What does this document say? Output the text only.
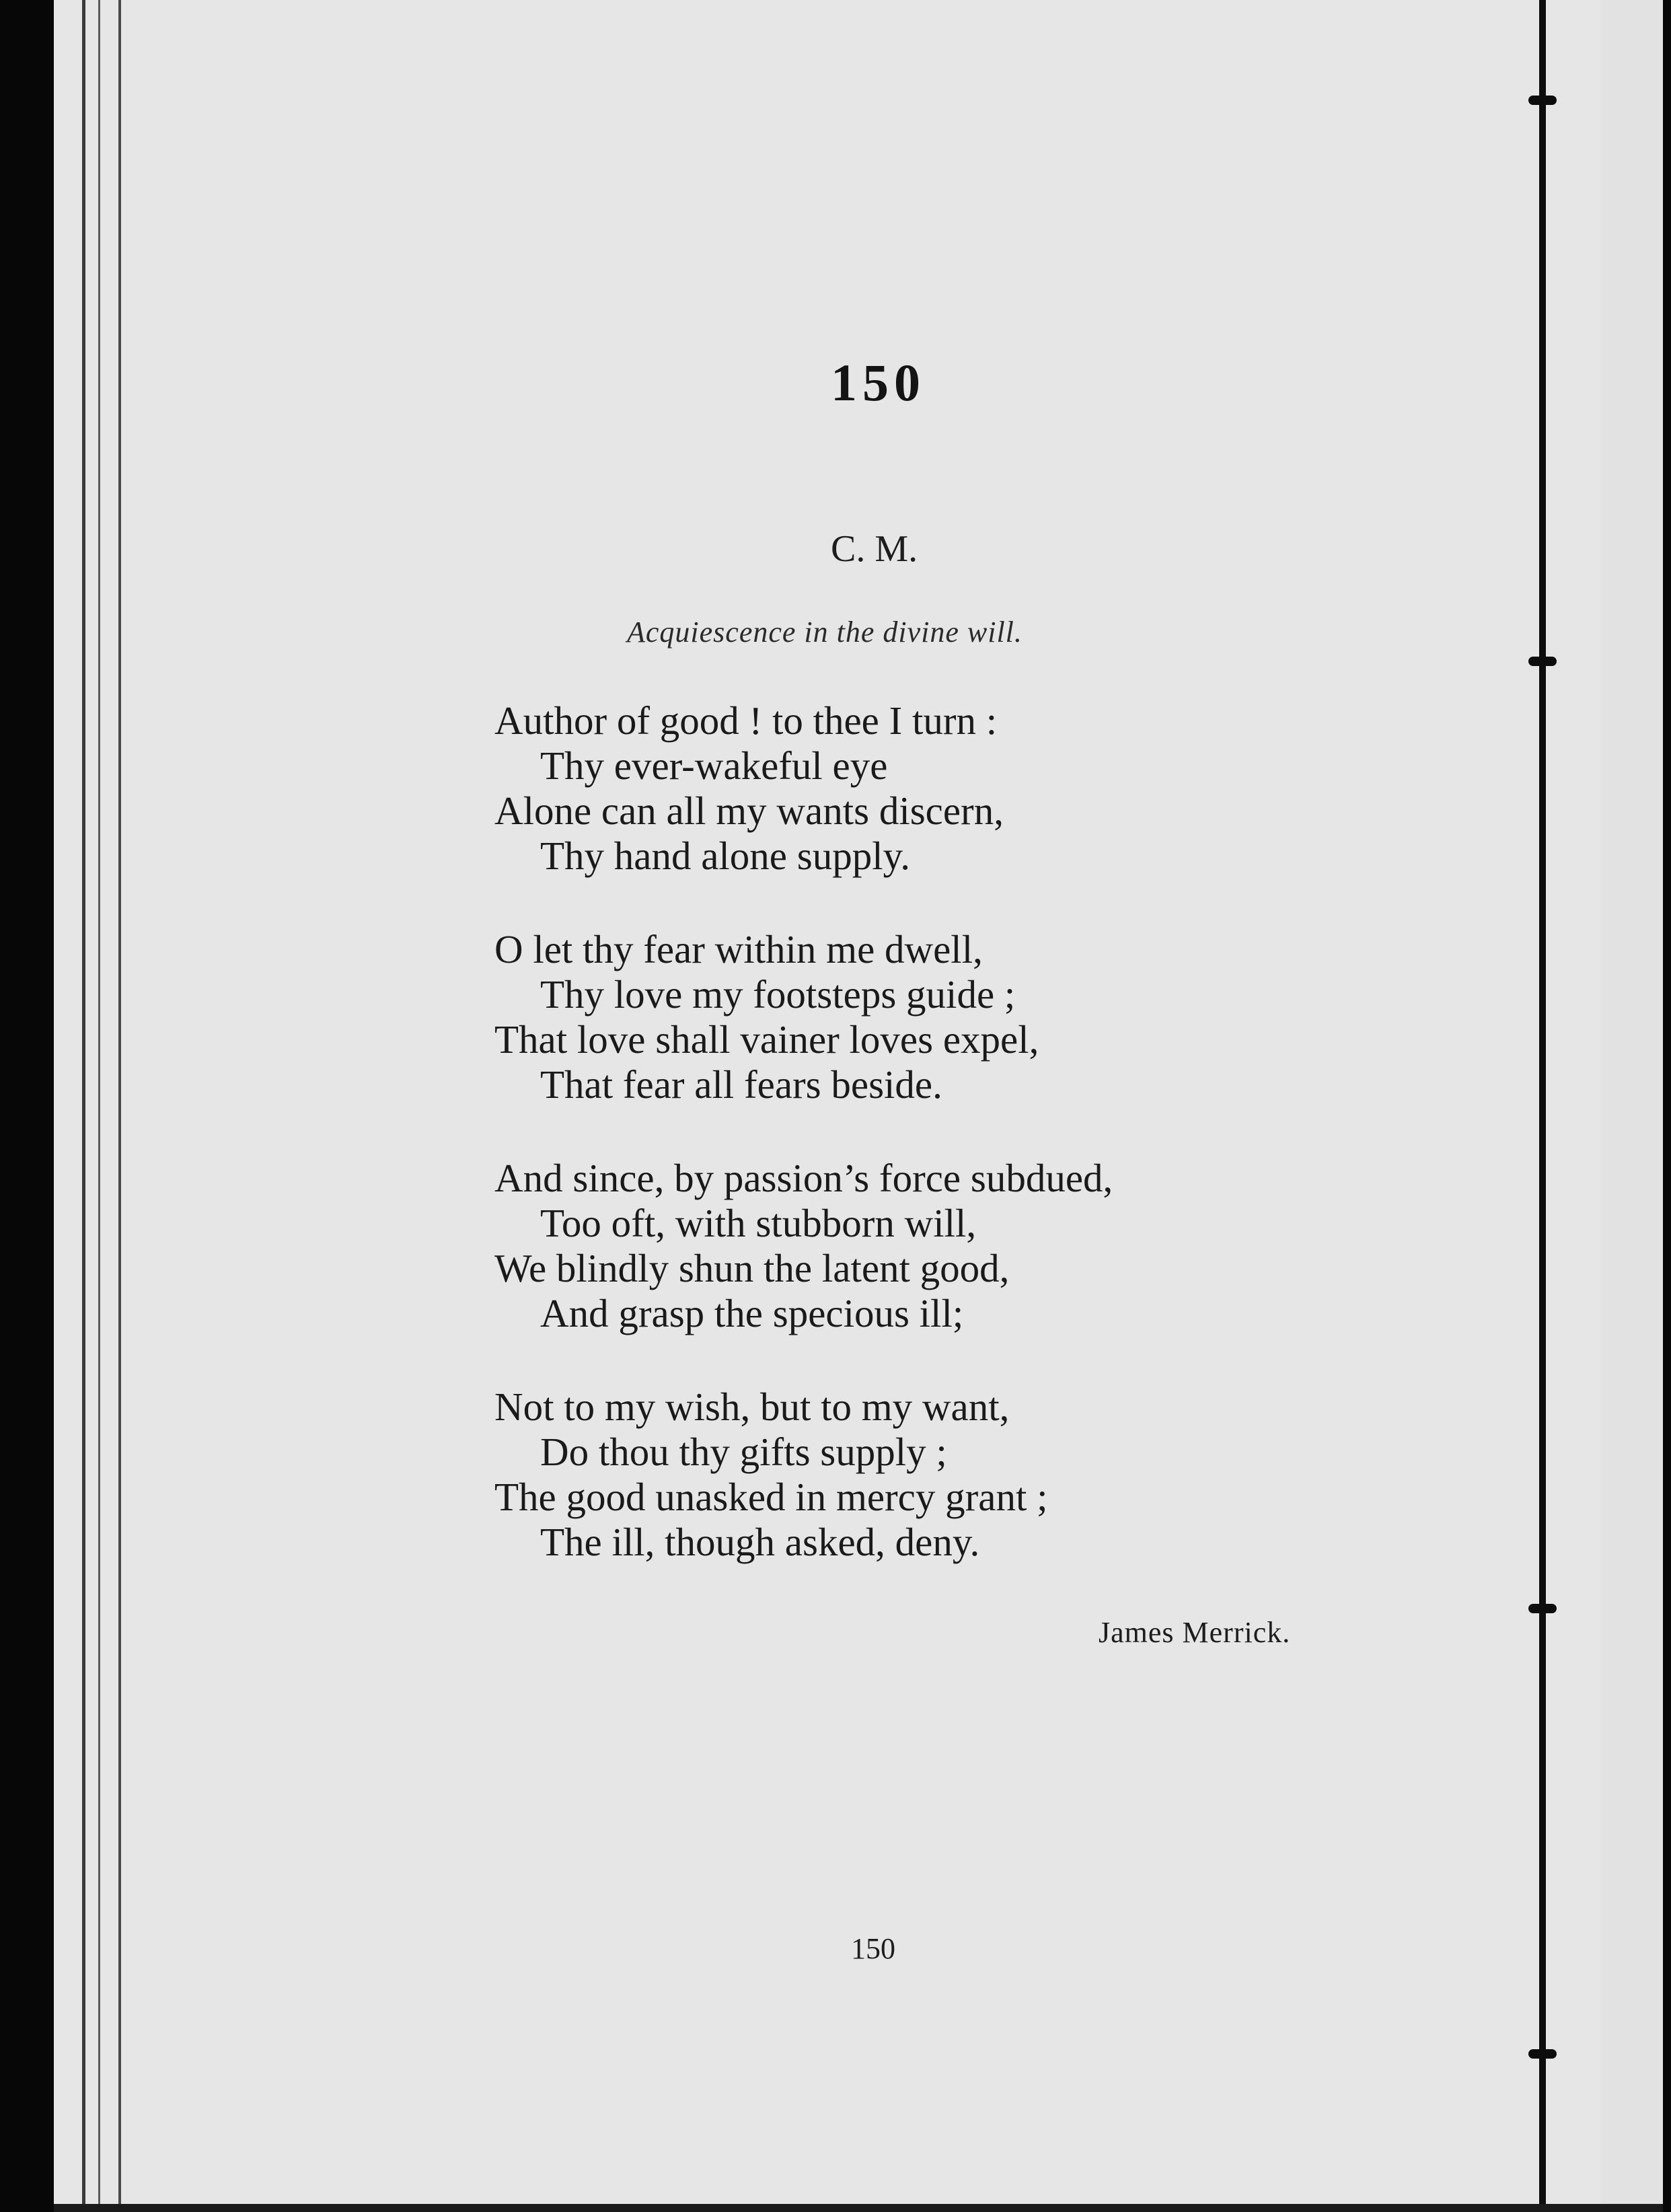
150
C. M.
Acquiescence in the divine will.
Author of good ! to thee I turn :
Thy ever-wakeful eye
Alone can all my wants discern,
Thy hand alone supply.
O let thy fear within me dwell,
Thy love my footsteps guide ;
That love shall vainer loves expel,
That fear all fears beside.
And since, by passion’s force subdued,
Too oft, with stubborn will,
We blindly shun the latent good,
And grasp the specious ill;
Not to my wish, but to my want,
Do thou thy gifts supply ;
The good unasked in mercy grant ;
The ill, though asked, deny.
James Merrick.
150
